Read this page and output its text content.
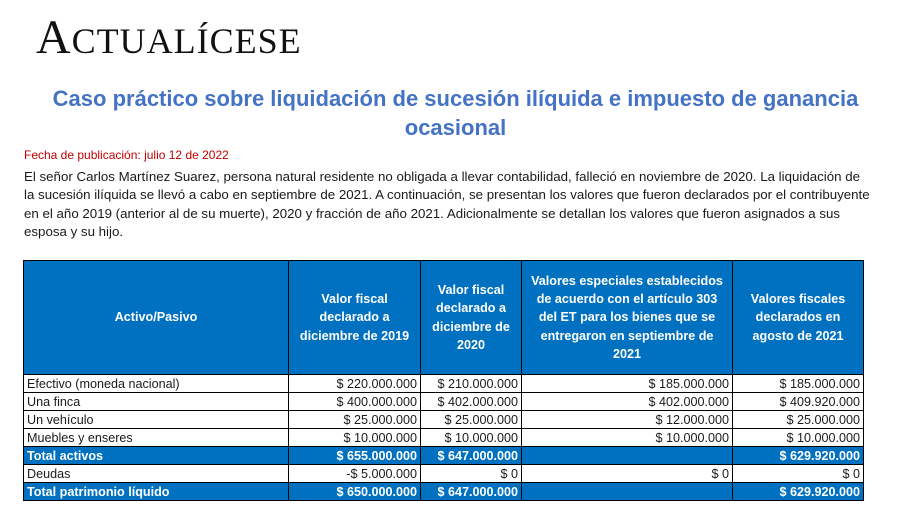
ACTUALÍCESE
Caso práctico sobre liquidación de sucesión ilíquida e impuesto de ganancia ocasional
Fecha de publicación: julio 12 de 2022

El señor Carlos Martínez Suarez, persona natural residente no obligada a llevar contabilidad, falleció en noviembre de 2020. La liquidación de la sucesión ilíquida se llevó a cabo en septiembre de 2021. A continuación, se presentan los valores que fueron declarados por el contribuyente en el año 2019 (anterior al de su muerte), 2020 y fracción de año 2021. Adicionalmente se detallan los valores que fueron asignados a sus esposa y su hijo.

Activo/Pasivo	Valor fiscal declarado a diciembre de 2019	Valor fiscal declarado a diciembre de 2020	Valores especiales establecidos de acuerdo con el artículo 303 del ET para los bienes que se entregaron en septiembre de 2021	Valores fiscales declarados en agosto de 2021
Efectivo (moneda nacional)	$ 220.000.000	$ 210.000.000	$ 185.000.000	$ 185.000.000
Una finca	$ 400.000.000	$ 402.000.000	$ 402.000.000	$ 409.920.000
Un vehículo	$ 25.000.000	$ 25.000.000	$ 12.000.000	$ 25.000.000
Muebles y enseres	$ 10.000.000	$ 10.000.000	$ 10.000.000	$ 10.000.000
Total activos	$ 655.000.000	$ 647.000.000		$ 629.920.000
Deudas	-$ 5.000.000	$ 0	$ 0	$ 0
Total patrimonio líquido	$ 650.000.000	$ 647.000.000		$ 629.920.000
